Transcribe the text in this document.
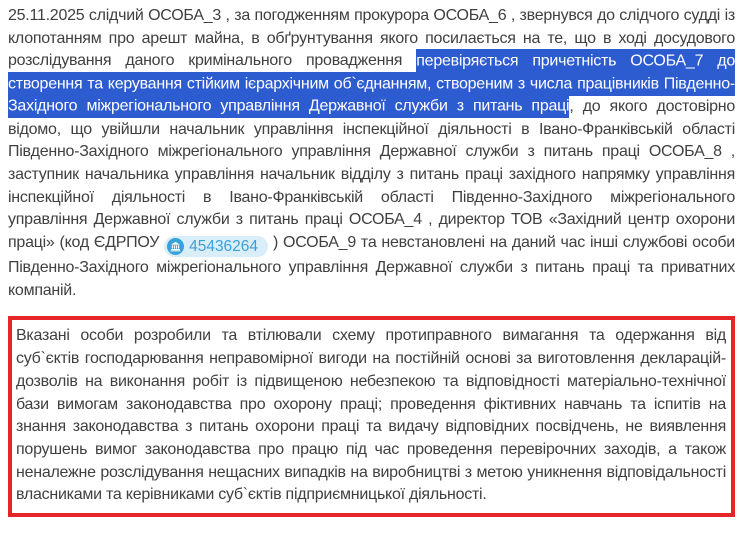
25.11.2025 слідчий ОСОБА_3 , за погодженням прокурора ОСОБА_6 , звернувся до слідчого судді із клопотанням про арешт майна, в обґрунтування якого посилається на те, що в ході досудового розслідування даного кримінального провадження перевіряється причетність ОСОБА_7 до створення та керування стійким ієрархічним об`єднанням, створеним з числа працівників Південно-Західного міжрегіонального управління Державної служби з питань праці, до якого достовірно відомо, що увійшли начальник управління інспекційної діяльності в Івано-Франківській області Південно-Західного міжрегіонального управління Державної служби з питань праці ОСОБА_8 , заступник начальника управління начальник відділу з питань праці західного напрямку управління інспекційної діяльності в Івано-Франківській області Південно-Західного міжрегіонального управління Державної служби з питань праці ОСОБА_4 , директор ТОВ «Західний центр охорони праці» (код ЄДРПОУ 45436264 ) ОСОБА_9 та невстановлені на даний час інші службові особи Південно-Західного міжрегіонального управління Державної служби з питань праці та приватних компаній.

Вказані особи розробили та втілювали схему протиправного вимагання та одержання від суб`єктів господарювання неправомірної вигоди на постійній основі за виготовлення декларацій-дозволів на виконання робіт із підвищеною небезпекою та відповідності матеріально-технічної бази вимогам законодавства про охорону праці; проведення фіктивних навчань та іспитів на знання законодавства з питань охорони праці та видачу відповідних посвідчень, не виявлення порушень вимог законодавства про працю під час проведення перевірочних заходів, а також неналежне розслідування нещасних випадків на виробництві з метою уникнення відповідальності власниками та керівниками суб`єктів підприємницької діяльності.
